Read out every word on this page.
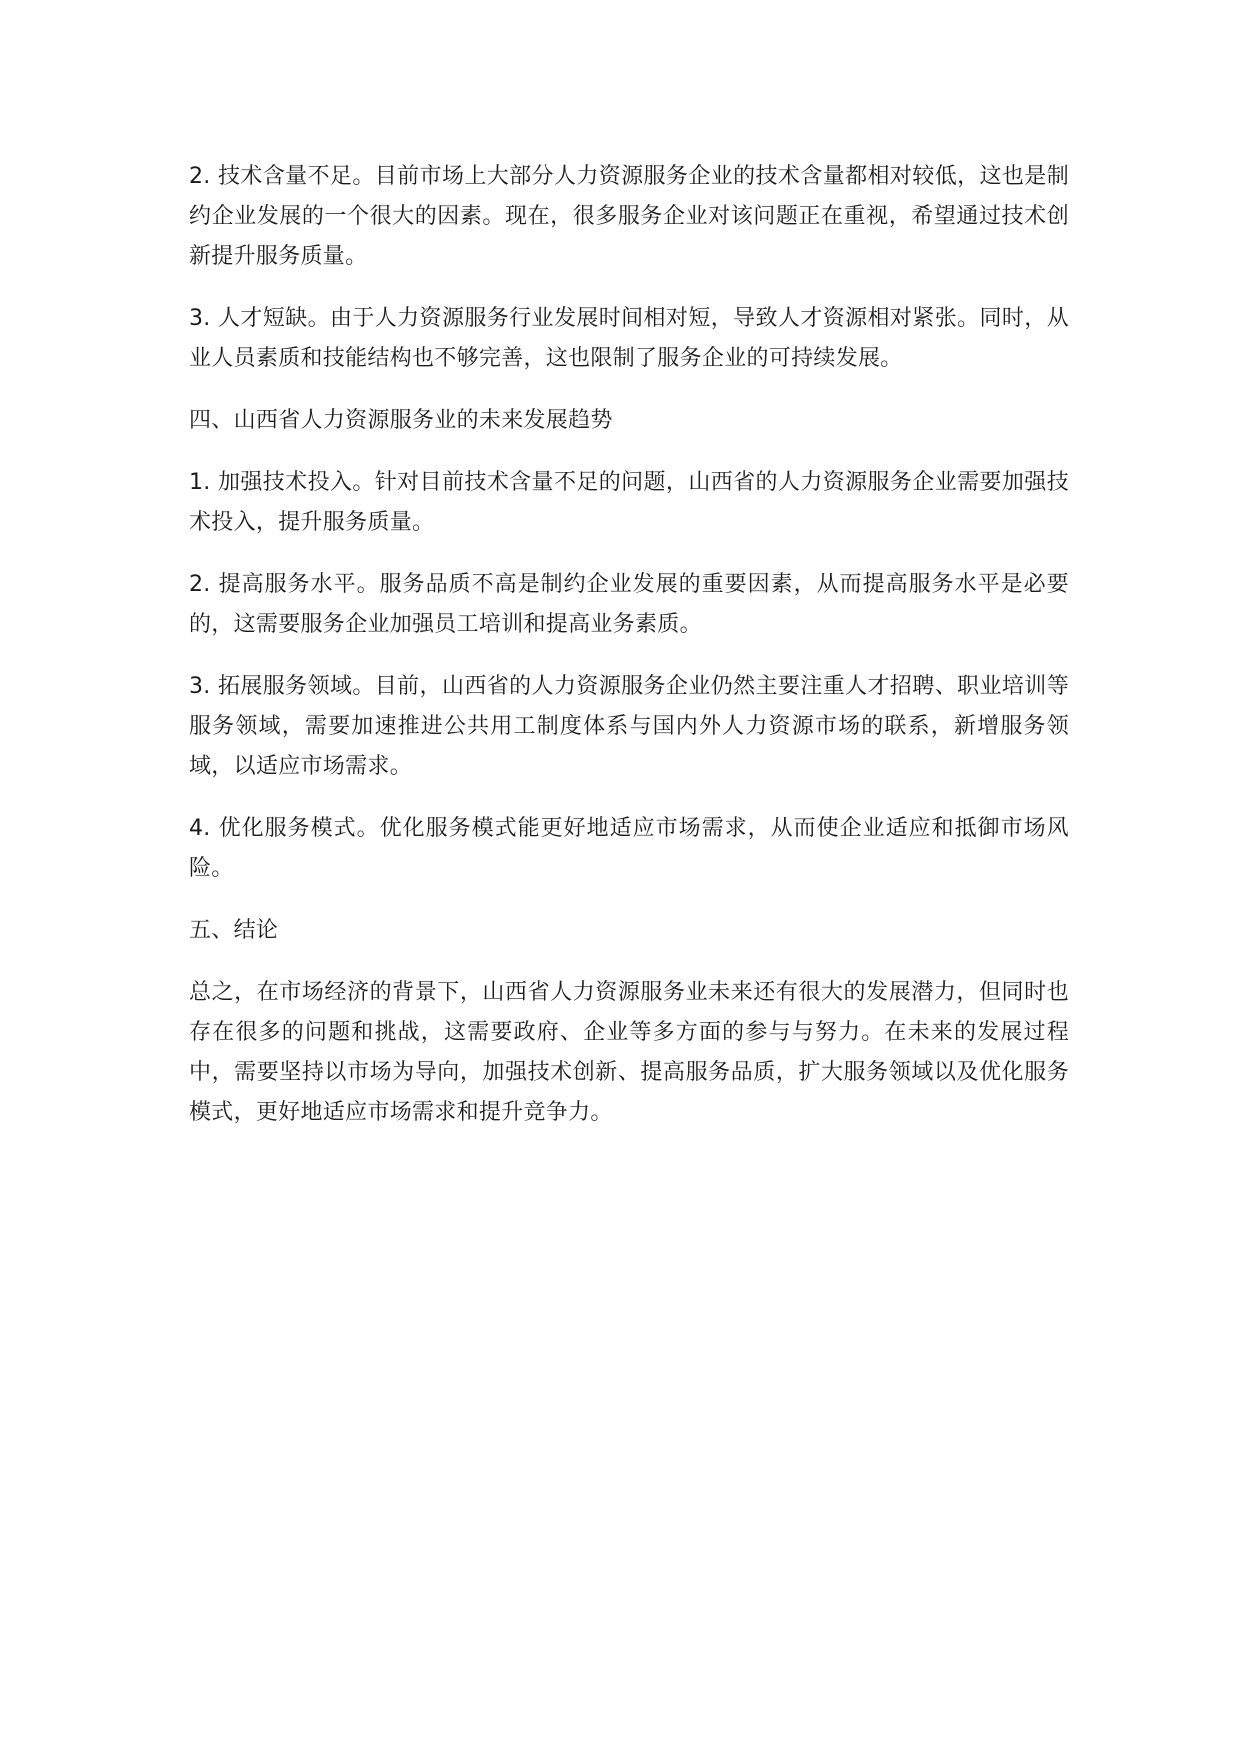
2. 技术含量不足。目前市场上大部分人力资源服务企业的技术含量都相对较低，这也是制约企业发展的一个很大的因素。现在，很多服务企业对该问题正在重视，希望通过技术创新提升服务质量。

3. 人才短缺。由于人力资源服务行业发展时间相对短，导致人才资源相对紧张。同时，从业人员素质和技能结构也不够完善，这也限制了服务企业的可持续发展。

四、山西省人力资源服务业的未来发展趋势

1. 加强技术投入。针对目前技术含量不足的问题，山西省的人力资源服务企业需要加强技术投入，提升服务质量。

2. 提高服务水平。服务品质不高是制约企业发展的重要因素，从而提高服务水平是必要的，这需要服务企业加强员工培训和提高业务素质。

3. 拓展服务领域。目前，山西省的人力资源服务企业仍然主要注重人才招聘、职业培训等服务领域，需要加速推进公共用工制度体系与国内外人力资源市场的联系，新增服务领域，以适应市场需求。

4. 优化服务模式。优化服务模式能更好地适应市场需求，从而使企业适应和抵御市场风险。

五、结论

总之，在市场经济的背景下，山西省人力资源服务业未来还有很大的发展潜力，但同时也存在很多的问题和挑战，这需要政府、企业等多方面的参与与努力。在未来的发展过程中，需要坚持以市场为导向，加强技术创新、提高服务品质，扩大服务领域以及优化服务模式，更好地适应市场需求和提升竞争力。
